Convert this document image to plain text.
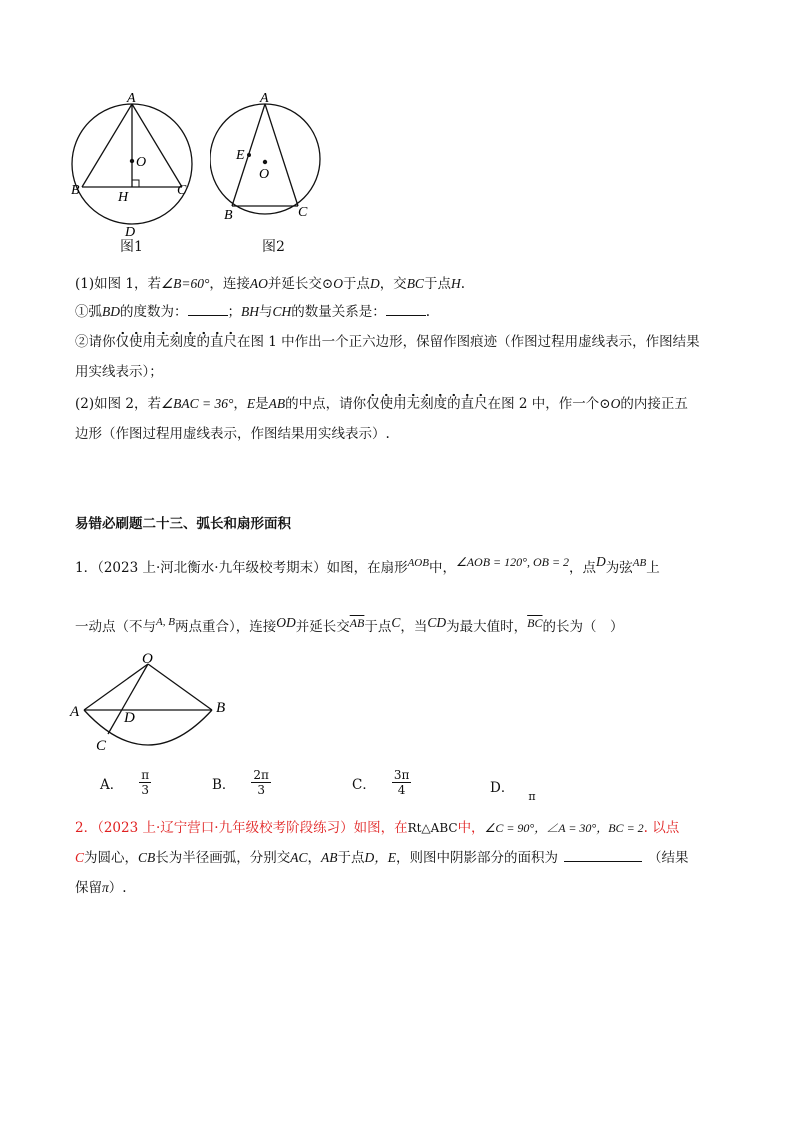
A
O
B	H	C
D
图1
A
E
O
B	C
图2
(1)如图 1，若∠B=60°，连接AO并延长交⊙O于点D，交BC于点H.
①弧BD的度数为：	；BH与CH的数量关系是：	.
②请你仅使用无刻度的直尺在图 1 中作出一个正六边形，保留作图痕迹（作图过程用虚线表示，作图结果
用实线表示）；
(2)如图 2，若∠BAC = 36°，E是AB的中点，请你仅使用无刻度的直尺在图 2 中，作一个⊙O的内接正五
边形（作图过程用虚线表示，作图结果用实线表示）.
易错必刷题二十三、弧长和扇形面积
1．（2023 上·河北衡水·九年级校考期末）如图，在扇形$^{AOB}$中，∠AOB = 120°, OB = 2，点D为弦$^{AB}$上
一动点（不与$^{A, B}$两点重合），连接OD并延长交$\overline{AB}$于点C，当CD为最大值时，$\overline{BC}$的长为（　）
O
A	B
D
C
A． $\frac{\pi}{3}$	B． $\frac{2\pi}{3}$	C． $\frac{3\pi}{4}$	D．$_\pi$
2．（2023 上·辽宁营口·九年级校考阶段练习）如图，在Rt△ABC中，∠C = 90°，∠A = 30°，BC = 2. 以点
C为圆心，CB长为半径画弧，分别交AC，AB于点D，E，则图中阴影部分的面积为	（结果
保留π）.
